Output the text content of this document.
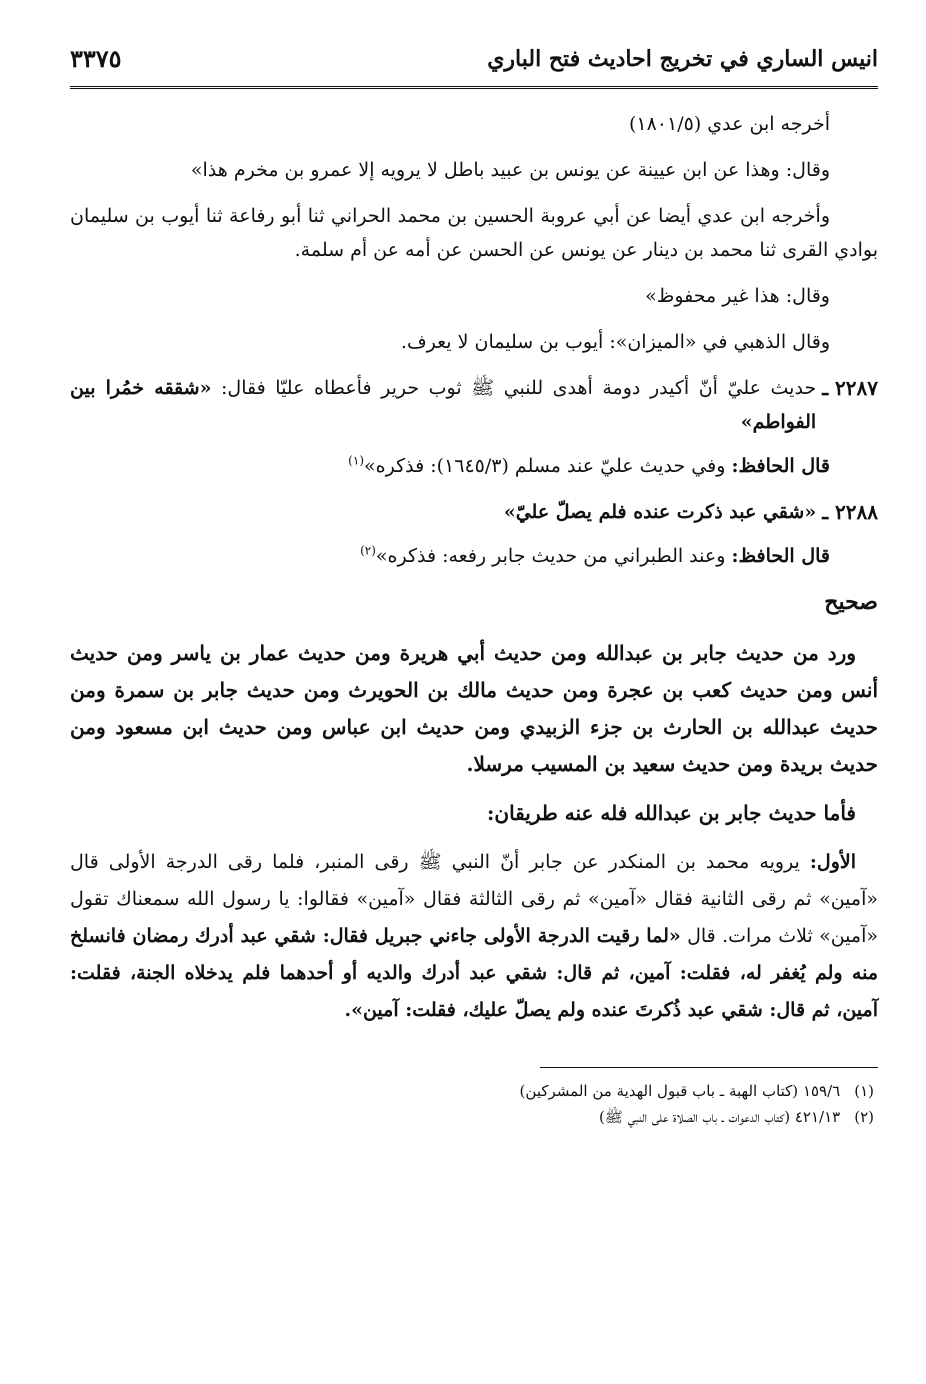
انيس الساري في تخريج احاديث فتح الباري
٣٣٧٥
أخرجه ابن عدي (١٨٠١/٥)
وقال: وهذا عن ابن عيينة عن يونس بن عبيد باطل لا يرويه إلا عمرو بن مخرم هذا»
وأخرجه ابن عدي أيضا عن أبي عروبة الحسين بن محمد الحراني ثنا أبو رفاعة ثنا أيوب بن سليمان بوادي القرى ثنا محمد بن دينار عن يونس عن الحسن عن أمه عن أم سلمة.
وقال: هذا غير محفوظ»
وقال الذهبي في «الميزان»: أيوب بن سليمان لا يعرف.
٢٢٨٧ ـ
حديث عليّ أنّ أكيدر دومة أهدى للنبي ﷺ ثوب حرير فأعطاه عليّا فقال: «شققه خمُرا بين الفواطم»
قال الحافظ: وفي حديث عليّ عند مسلم (١٦٤٥/٣): فذكره»$^{(١)}$
٢٢٨٨ ـ
«شقي عبد ذكرت عنده فلم يصلّ عليّ»
قال الحافظ: وعند الطبراني من حديث جابر رفعه: فذكره»$^{(٢)}$
صحيح
ورد من حديث جابر بن عبدالله ومن حديث أبي هريرة ومن حديث عمار بن ياسر ومن حديث أنس ومن حديث كعب بن عجرة ومن حديث مالك بن الحويرث ومن حديث جابر بن سمرة ومن حديث عبدالله بن الحارث بن جزء الزبيدي ومن حديث ابن عباس ومن حديث ابن مسعود ومن حديث بريدة ومن حديث سعيد بن المسيب مرسلا.
فأما حديث جابر بن عبدالله فله عنه طريقان:
الأول: يرويه محمد بن المنكدر عن جابر أنّ النبي ﷺ رقى المنبر، فلما رقى الدرجة الأولى قال «آمين» ثم رقى الثانية فقال «آمين» ثم رقى الثالثة فقال «آمين» فقالوا: يا رسول الله سمعناك تقول «آمين» ثلاث مرات. قال «لما رقيت الدرجة الأولى جاءني جبريل فقال: شقي عبد أدرك رمضان فانسلخ منه ولم يُغفر له، فقلت: آمين، ثم قال: شقي عبد أدرك والديه أو أحدهما فلم يدخلاه الجنة، فقلت: آمين، ثم قال: شقي عبد ذُكرتَ عنده ولم يصلّ عليك، فقلت: آمين».
(١)
١٥٩/٦ (كتاب الهبة ـ باب قبول الهدية من المشركين)
(٢)
٤٢١/١٣ (كتاب الدعوات ـ باب الصلاة على النبي ﷺ)
